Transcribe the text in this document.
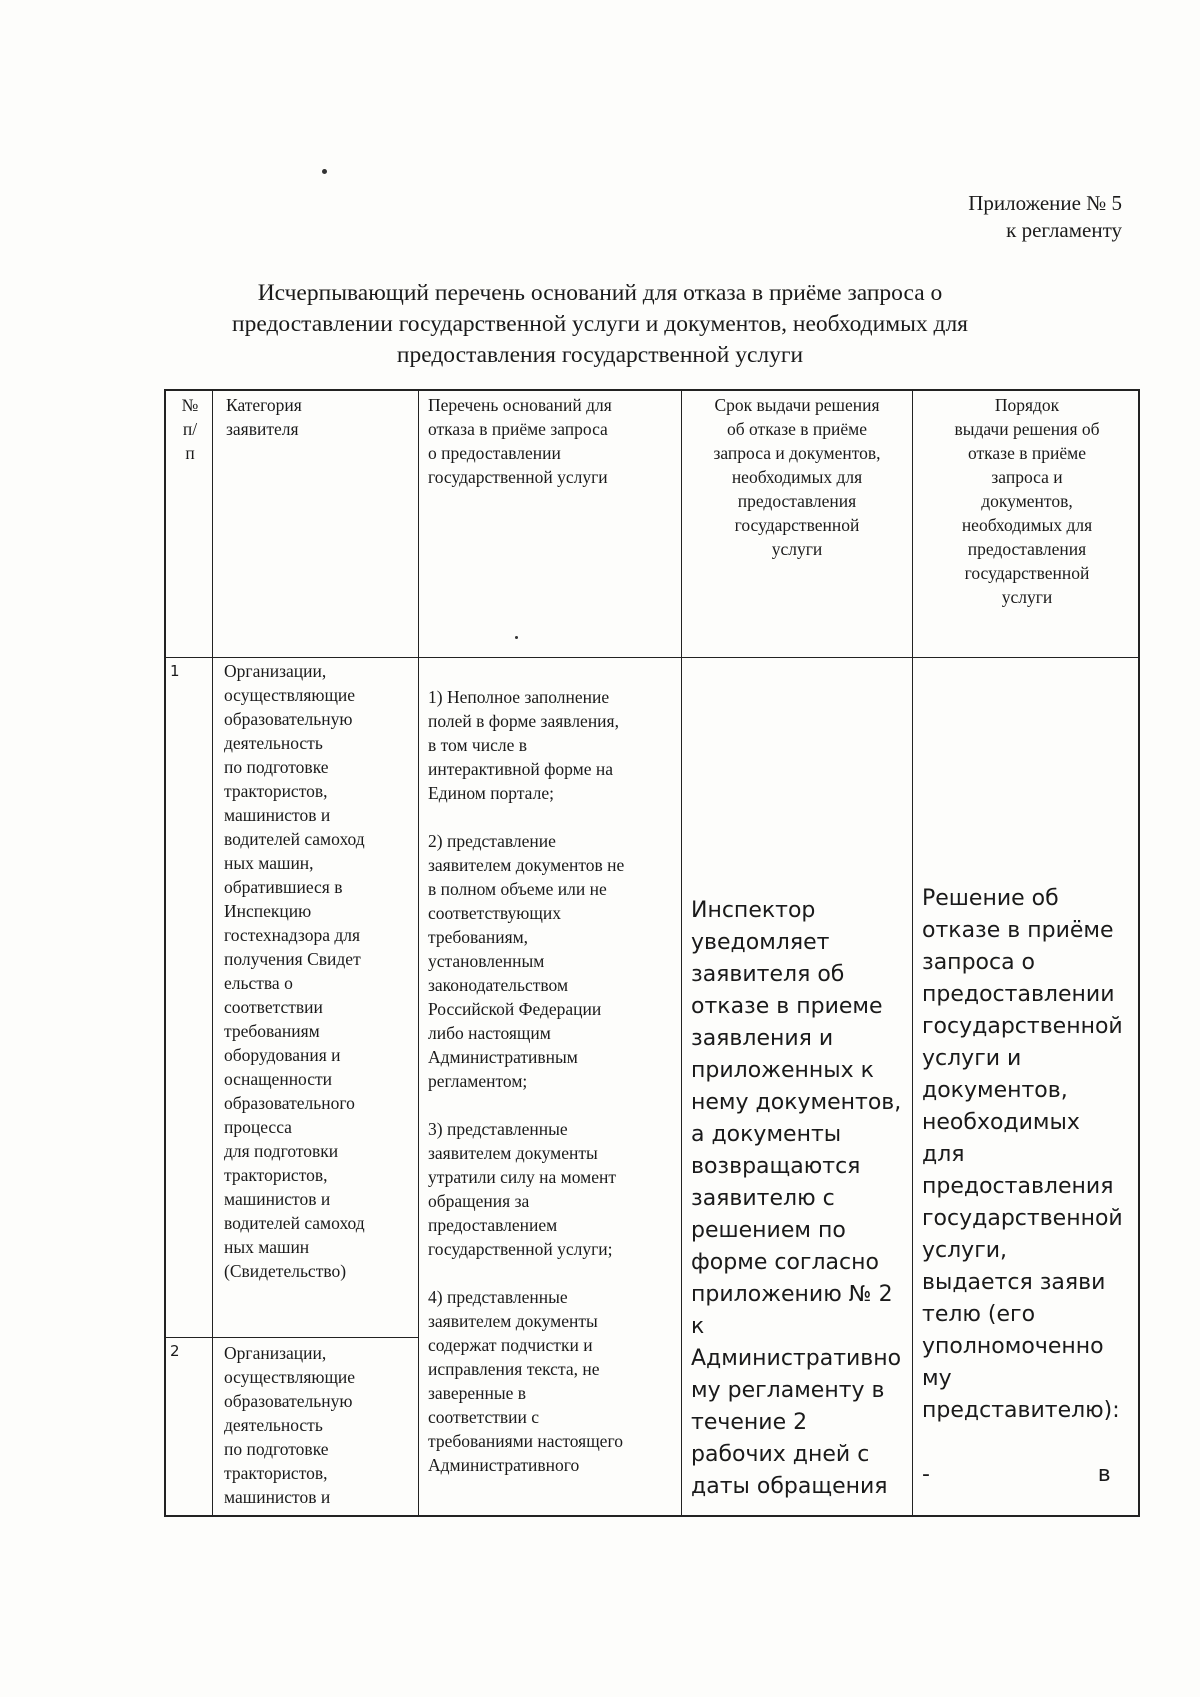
Приложение № 5
к регламенту
Исчерпывающий перечень оснований для отказа в приёме запроса о
предоставлении государственной услуги и документов, необходимых для
предоставления государственной услуги
№
п/
п
Категория
заявителя
Перечень оснований для
отказа в приёме запроса
о предоставлении
государственной услуги
Срок выдачи решения
об отказе в приёме
запроса и документов,
необходимых для
предоставления
государственной
услуги
Порядок
выдачи решения об
отказе в приёме
запроса и
документов,
необходимых для
предоставления
государственной
услуги
1	Организации,
осуществляющие
образовательную
деятельность
по подготовке
трактористов,
машинистов и
водителей самоход
ных машин,
обратившиеся в
Инспекцию
гостехнадзора для
получения Свидет
ельства о
соответствии
требованиям
оборудования и
оснащенности
образовательного
процесса
для подготовки
трактористов,
машинистов и
водителей самоход
ных машин
(Свидетельство)
2	Организации,
осуществляющие
образовательную
деятельность
по подготовке
трактористов,
машинистов и
1) Неполное заполнение
полей в форме заявления,
в том числе в
интерактивной форме на
Едином портале;
2) представление
заявителем документов не
в полном объеме или не
соответствующих
требованиям,
установленным
законодательством
Российской Федерации
либо настоящим
Административным
регламентом;
3) представленные
заявителем документы
утратили силу на момент
обращения за
предоставлением
государственной услуги;
4) представленные
заявителем документы
содержат подчистки и
исправления текста, не
заверенные в
соответствии с
требованиями настоящего
Административного
Инспектор
уведомляет
заявителя об
отказе в приеме
заявления и
приложенных к
нему документов,
а документы
возвращаются
заявителю с
решением по
форме согласно
приложению № 2
к
Административно
му регламенту в
течение 2
рабочих дней с
даты обращения
Решение об
отказе в приёме
запроса о
предоставлении
государственной
услуги и
документов,
необходимых
для
предоставления
государственной
услуги,
выдается заяви
телю (его
уполномоченно
му
представителю):
-                        в
